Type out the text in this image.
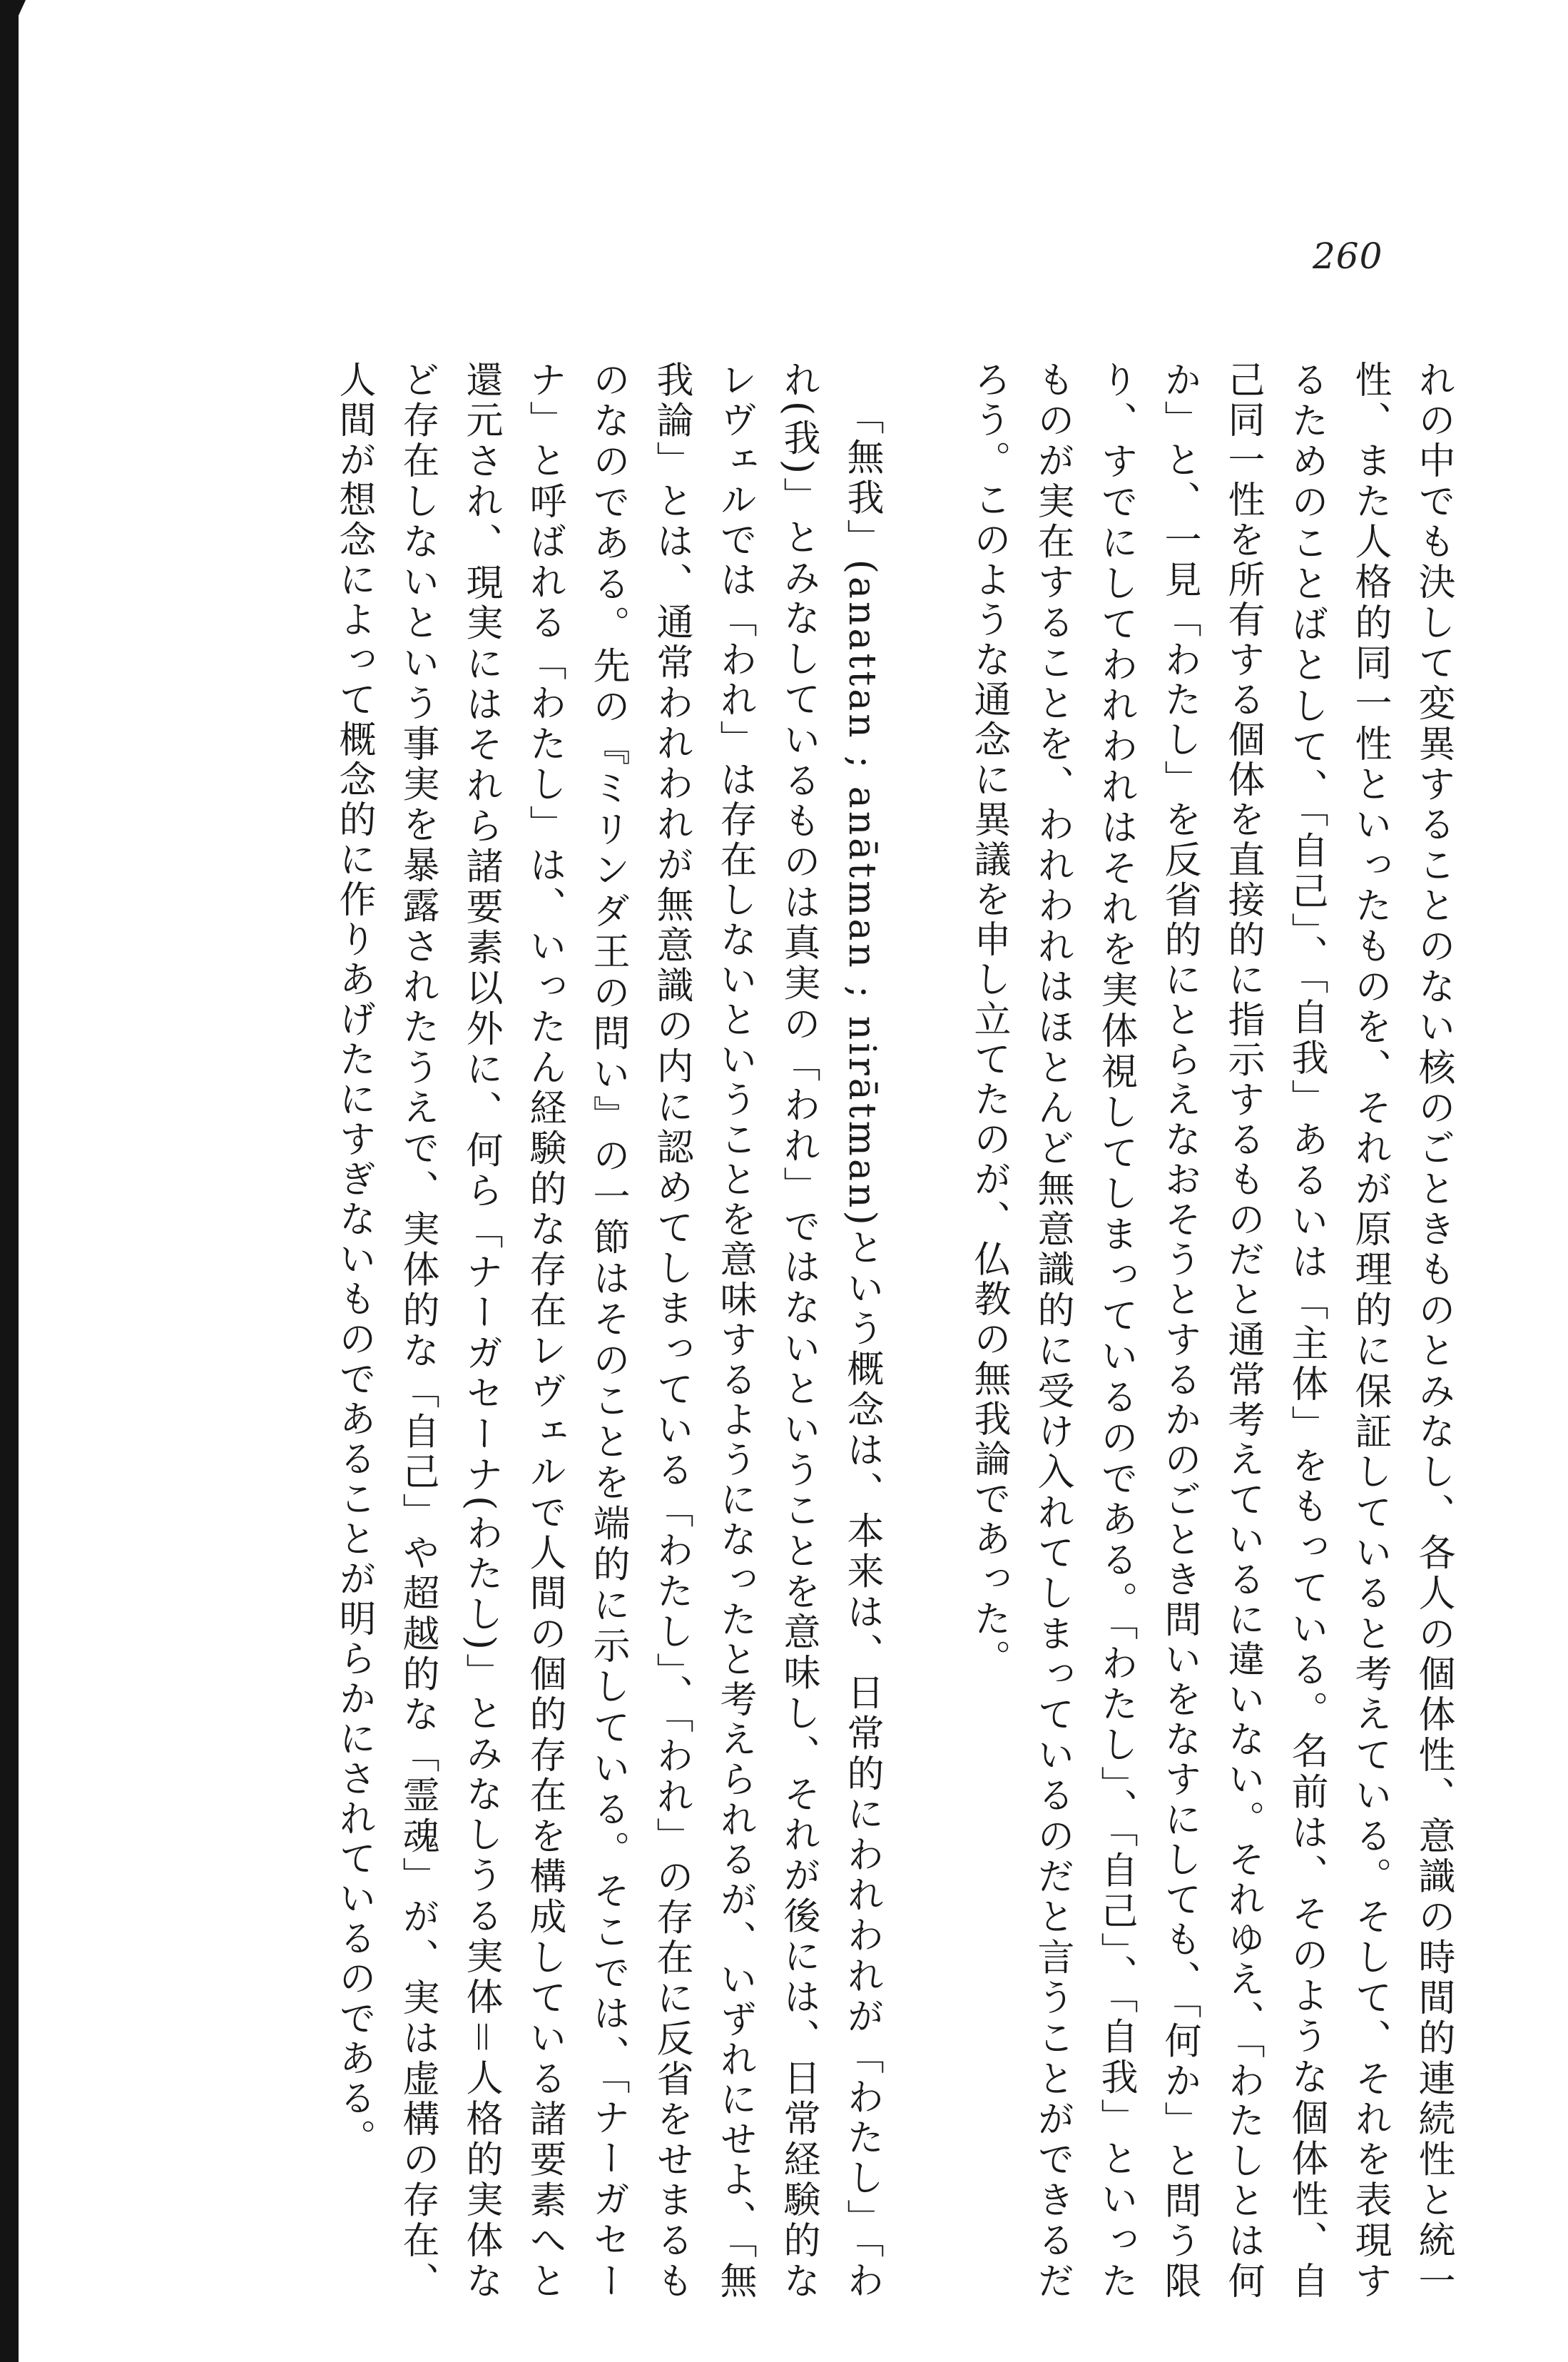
260

れの中でも決して変異することのない核のごときものとみなし、各人の個体性、意識の時間的連続性と統一性、また人格的同一性といったものを、それが原理的に保証していると考えている。そして、それを表現するためのことばとして、「自己」、「自我」あるいは「主体」をもっている。名前は、そのような個体性、自己同一性を所有する個体を直接的に指示するものだと通常考えているに違いない。それゆえ、「わたしとは何か」と、一見「わたし」を反省的にとらえなおそうとするかのごとき問いをなすにしても、「何か」と問う限り、すでにしてわれわれはそれを実体視してしまっているのである。「わたし」、「自己」、「自我」といったものが実在することを、われわれはほとんど無意識的に受け入れてしまっているのだと言うことができるだろう。このような通念に異議を申し立てたのが、仏教の無我論であった。

「無我」(anattan ; anātman ; nirātman)という概念は、本来は、日常的にわれわれが「わたし」「われ(我)」とみなしているものは真実の「われ」ではないということを意味し、それが後には、日常経験的なレヴェルでは「われ」は存在しないということを意味するようになったと考えられるが、いずれにせよ、「無我論」とは、通常われわれが無意識の内に認めてしまっている「わたし」、「われ」の存在に反省をせまるものなのである。先の『ミリンダ王の問い』の一節はそのことを端的に示している。そこでは、「ナーガセーナ」と呼ばれる「わたし」は、いったん経験的な存在レヴェルで人間の個的存在を構成している諸要素へと還元され、現実にはそれら諸要素以外に、何ら「ナーガセーナ(わたし)」とみなしうる実体＝人格的実体など存在しないという事実を暴露されたうえで、実体的な「自己」や超越的な「霊魂」が、実は虚構の存在、人間が想念によって概念的に作りあげたにすぎないものであることが明らかにされているのである。
